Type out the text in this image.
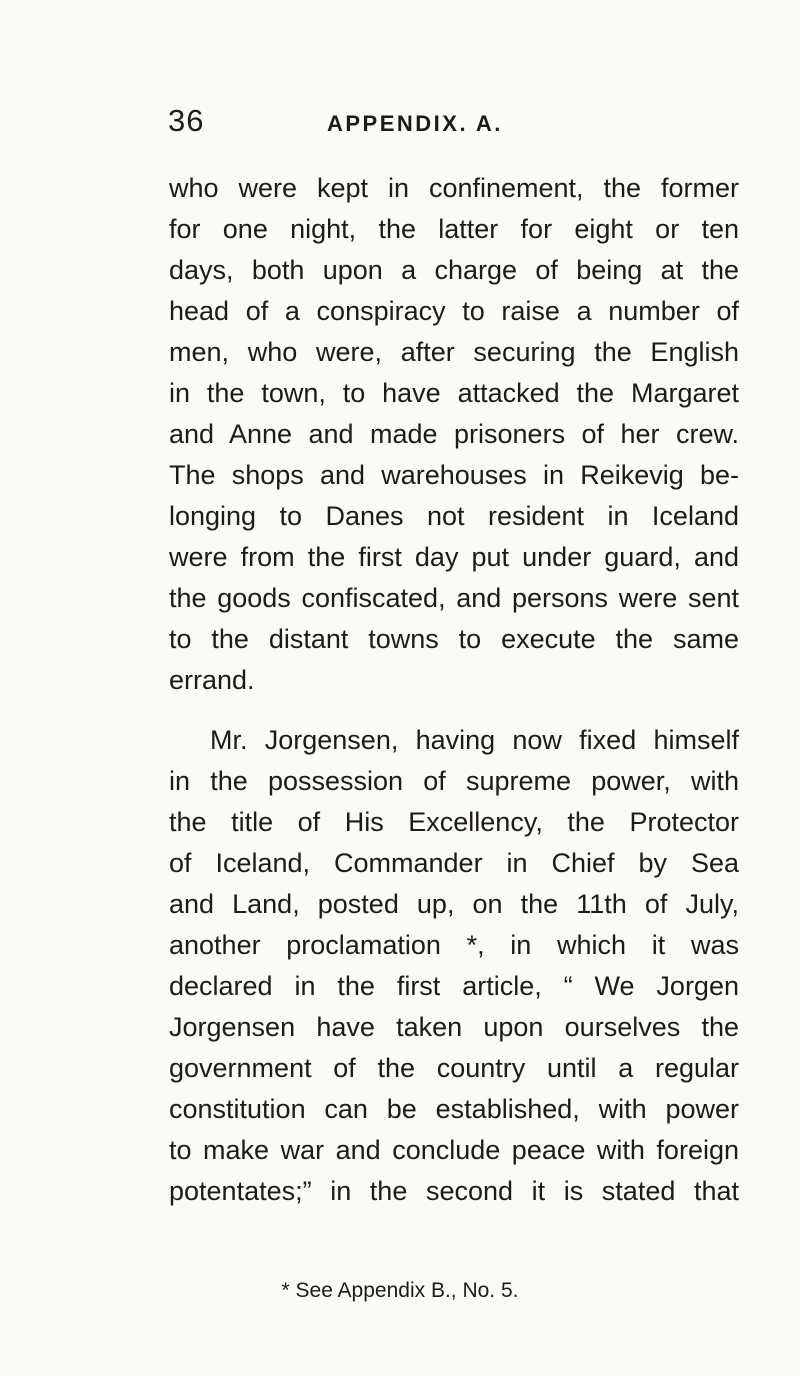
36	APPENDIX. A.
who were kept in confinement, the former
for one night, the latter for eight or ten
days, both upon a charge of being at the
head of a conspiracy to raise a number of
men, who were, after securing the English
in the town, to have attacked the Margaret
and Anne and made prisoners of her crew.
The shops and warehouses in Reikevig be-
longing to Danes not resident in Iceland
were from the first day put under guard, and
the goods confiscated, and persons were sent
to the distant towns to execute the same
errand.
Mr. Jorgensen, having now fixed himself
in the possession of supreme power, with
the title of His Excellency, the Protector
of Iceland, Commander in Chief by Sea
and Land, posted up, on the 11th of July,
another proclamation *, in which it was
declared in the first article, “ We Jorgen
Jorgensen have taken upon ourselves the
government of the country until a regular
constitution can be established, with power
to make war and conclude peace with foreign
potentates;” in the second it is stated that
* See Appendix B., No. 5.
